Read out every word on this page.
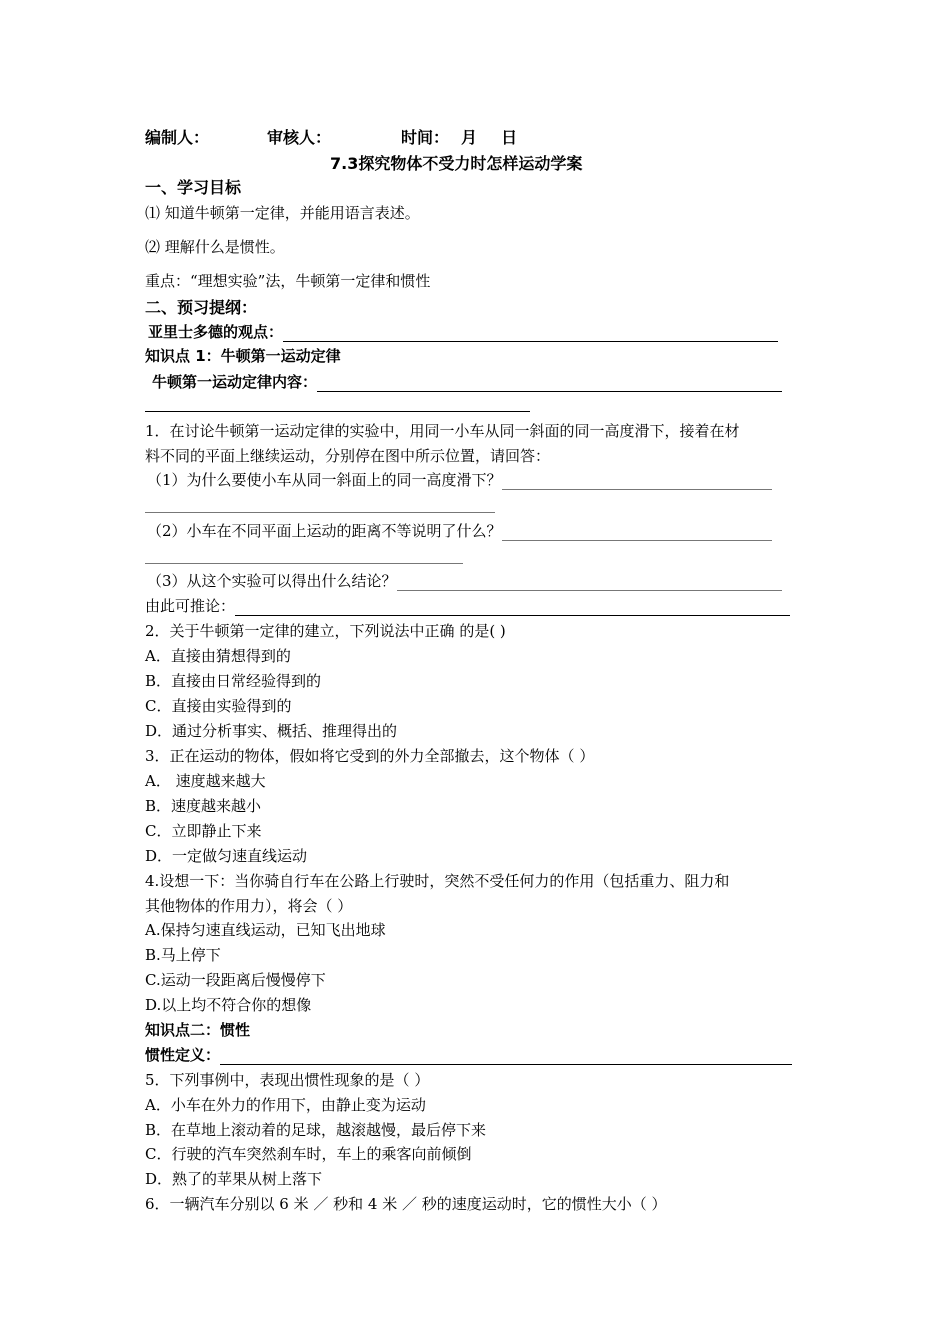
编制人：	审核人：	时间： 月 日
7.3探究物体不受力时怎样运动学案
一、学习目标
⑴ 知道牛顿第一定律，并能用语言表述。
⑵ 理解什么是惯性。
重点：“理想实验”法，牛顿第一定律和惯性
二、预习提纲：
亚里士多德的观点：
知识点 1：牛顿第一运动定律
牛顿第一运动定律内容：
1．在讨论牛顿第一运动定律的实验中，用同一小车从同一斜面的同一高度滑下，接着在材
料不同的平面上继续运动，分别停在图中所示位置，请回答：
（1）为什么要使小车从同一斜面上的同一高度滑下？
（2）小车在不同平面上运动的距离不等说明了什么？
（3）从这个实验可以得出什么结论？
由此可推论：
2．关于牛顿第一定律的建立，下列说法中正确 的是( )
A．直接由猜想得到的
B．直接由日常经验得到的
C．直接由实验得到的
D．通过分析事实、概括、推理得出的
3．正在运动的物体，假如将它受到的外力全部撤去，这个物体（ ）
A． 速度越来越大
B．速度越来越小
C．立即静止下来
D．一定做匀速直线运动
4.设想一下：当你骑自行车在公路上行驶时，突然不受任何力的作用（包括重力、阻力和
其他物体的作用力），将会（ ）
A.保持匀速直线运动，已知飞出地球
B.马上停下
C.运动一段距离后慢慢停下
D.以上均不符合你的想像
知识点二：惯性
惯性定义：
5．下列事例中，表现出惯性现象的是（ ）
A．小车在外力的作用下，由静止变为运动
B．在草地上滚动着的足球，越滚越慢，最后停下来
C．行驶的汽车突然刹车时，车上的乘客向前倾倒
D．熟了的苹果从树上落下
6．一辆汽车分别以 6 米 ／ 秒和 4 米 ／ 秒的速度运动时，它的惯性大小（ ）
